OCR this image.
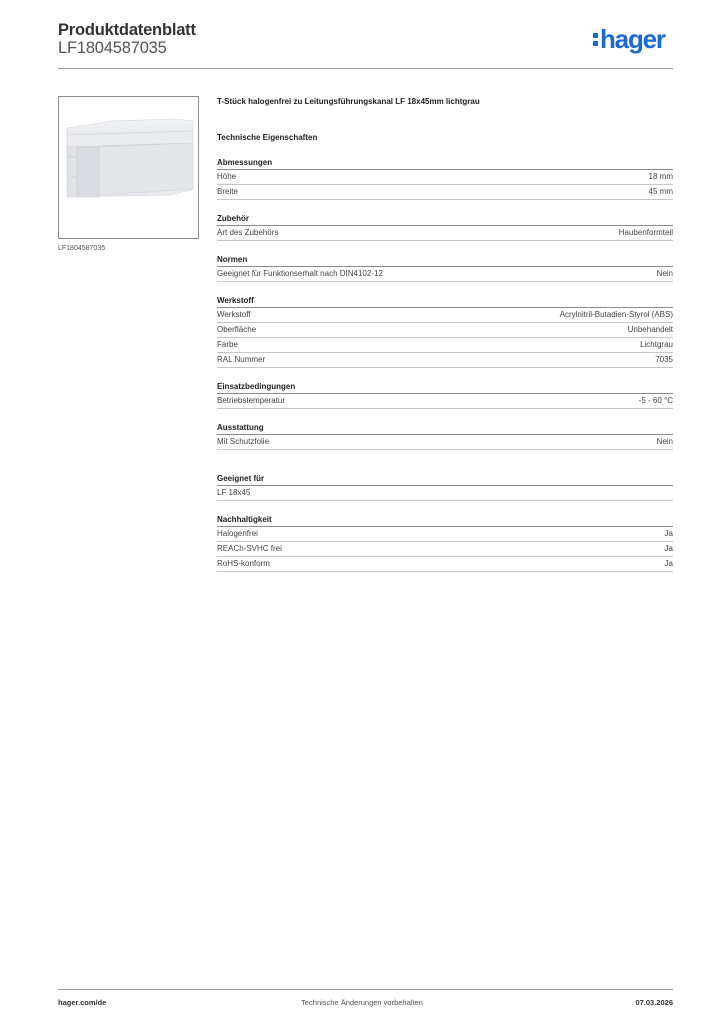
Produktdatenblatt
LF1804587035	hager
LF1804587035
T-Stück halogenfrei zu Leitungsführungskanal LF 18x45mm lichtgrau
Technische Eigenschaften
Abmessungen
Höhe	18 mm
Breite	45 mm
Zubehör
Art des Zubehörs	Haubenformteil
Normen
Geeignet für Funktionserhalt nach DIN4102-12	Nein
Werkstoff
Werkstoff	Acrylnitril-Butadien-Styrol (ABS)
Oberfläche	Unbehandelt
Farbe	Lichtgrau
RAL Nummer	7035
Einsatzbedingungen
Betriebstemperatur	-5 - 60 °C
Ausstattung
Mit Schutzfolie	Nein
Geeignet für
LF 18x45
Nachhaltigkeit
Halogenfrei	Ja
REACh-SVHC frei	Ja
RoHS-konform	Ja
hager.com/de	Technische Änderungen vorbehalten	07.03.2026
